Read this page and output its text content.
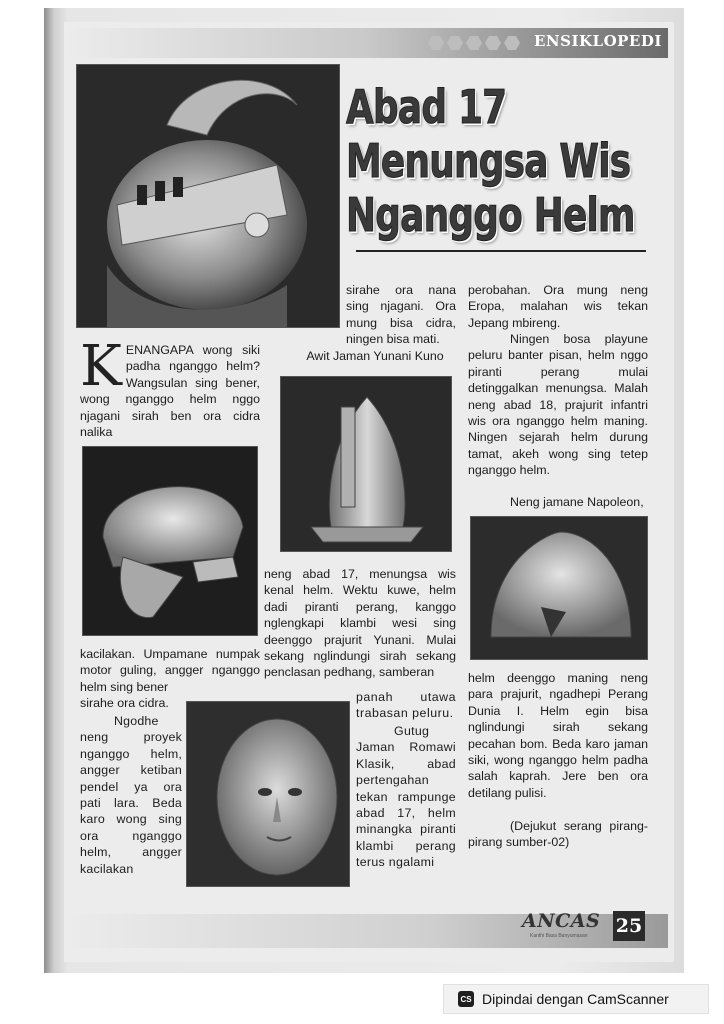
ENSIKLOPEDI
Abad 17
Menungsa Wis
Nganggo Helm
K ENANGAPA wong siki padha nganggo helm? Wangsulan sing bener, wong nganggo helm nggo njagani sirah ben ora cidra nalika

kacilakan. Umpamane numpak motor guling, angger nganggo helm sing bener

sirahe ora cidra.

Ngodhe neng proyek nganggo helm, angger ketiban pendel ya ora pati lara. Beda karo wong sing ora nganggo helm, angger kacilakan

sirahe ora nana sing njagani. Ora mung bisa cidra, ningen bisa mati.

Awit Jaman Yunani Kuno

neng abad 17, menungsa wis kenal helm. Wektu kuwe, helm dadi piranti perang, kanggo nglengkapi klambi wesi sing deenggo prajurit Yunani. Mulai sekang nglindungi sirah sekang penclasan pedhang, samberan

panah utawa trabasan peluru.

Gutug Jaman Romawi Klasik, abad pertengahan tekan rampunge abad 17, helm minangka piranti klambi perang terus ngalami

perobahan. Ora mung neng Eropa, malahan wis tekan Jepang mbireng.

Ningen bosa playune peluru banter pisan, helm nggo piranti perang mulai detinggalkan menungsa. Malah neng abad 18, prajurit infantri wis ora nganggo helm maning. Ningen sejarah helm durung tamat, akeh wong sing tetep nganggo helm.

Neng jamane Napoleon,

helm deenggo maning neng para prajurit, ngadhepi Perang Dunia I. Helm egin bisa nglindungi sirah sekang pecahan bom. Beda karo jaman siki, wong nganggo helm padha salah kaprah. Jere ben ora detilang pulisi.

(Dejukut serang pirang-pirang sumber-02)

ANCAS
Kanthi Basa Banyumasan 25
CS Dipindai dengan CamScanner
